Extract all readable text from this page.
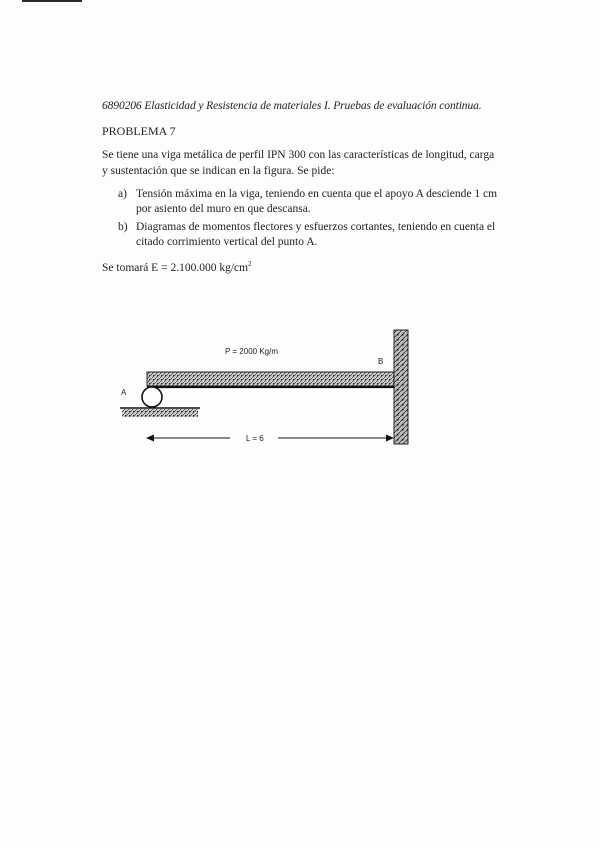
6890206 Elasticidad y Resistencia de materiales I. Pruebas de evaluación continua.
PROBLEMA 7
Se tiene una viga metálica de perfil IPN 300 con las características de longitud, carga y sustentación que se indican en la figura. Se pide:
a) Tensión máxima en la viga, teniendo en cuenta que el apoyo A desciende 1 cm por asiento del muro en que descansa.
b) Diagramas de momentos flectores y esfuerzos cortantes, teniendo en cuenta el citado corrimiento vertical del punto A.
Se tomará E = 2.100.000 $kg/cm^2$
P = 2000 Kg/m
A
B
L = 6
